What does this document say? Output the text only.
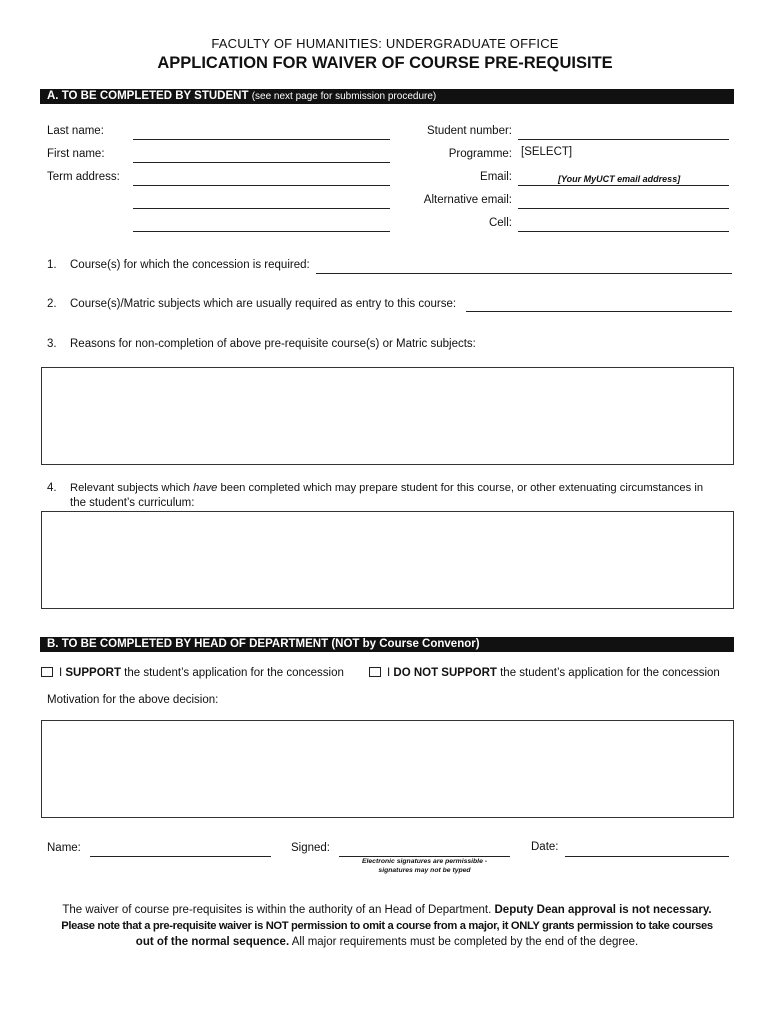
FACULTY OF HUMANITIES: UNDERGRADUATE OFFICE
APPLICATION FOR WAIVER OF COURSE PRE-REQUISITE
A. TO BE COMPLETED BY STUDENT (see next page for submission procedure)
Last name:
First name:
Term address:
Student number:
Programme: [SELECT]
Email:	[Your MyUCT email address]
Alternative email:
Cell:
1. Course(s) for which the concession is required:
2. Course(s)/Matric subjects which are usually required as entry to this course:
3. Reasons for non-completion of above pre-requisite course(s) or Matric subjects:
4. Relevant subjects which have been completed which may prepare student for this course, or other extenuating circumstances in
the student’s curriculum:
B. TO BE COMPLETED BY HEAD OF DEPARTMENT (NOT by Course Convenor)
I SUPPORT the student’s application for the concession	I DO NOT SUPPORT the student’s application for the concession
Motivation for the above decision:
Name:	Signed:
Electronic signatures are permissible -
signatures may not be typed
Date:
The waiver of course pre-requisites is within the authority of an Head of Department. Deputy Dean approval is not necessary.
Please note that a pre-requisite waiver is NOT permission to omit a course from a major, it ONLY grants permission to take courses
out of the normal sequence. All major requirements must be completed by the end of the degree.
